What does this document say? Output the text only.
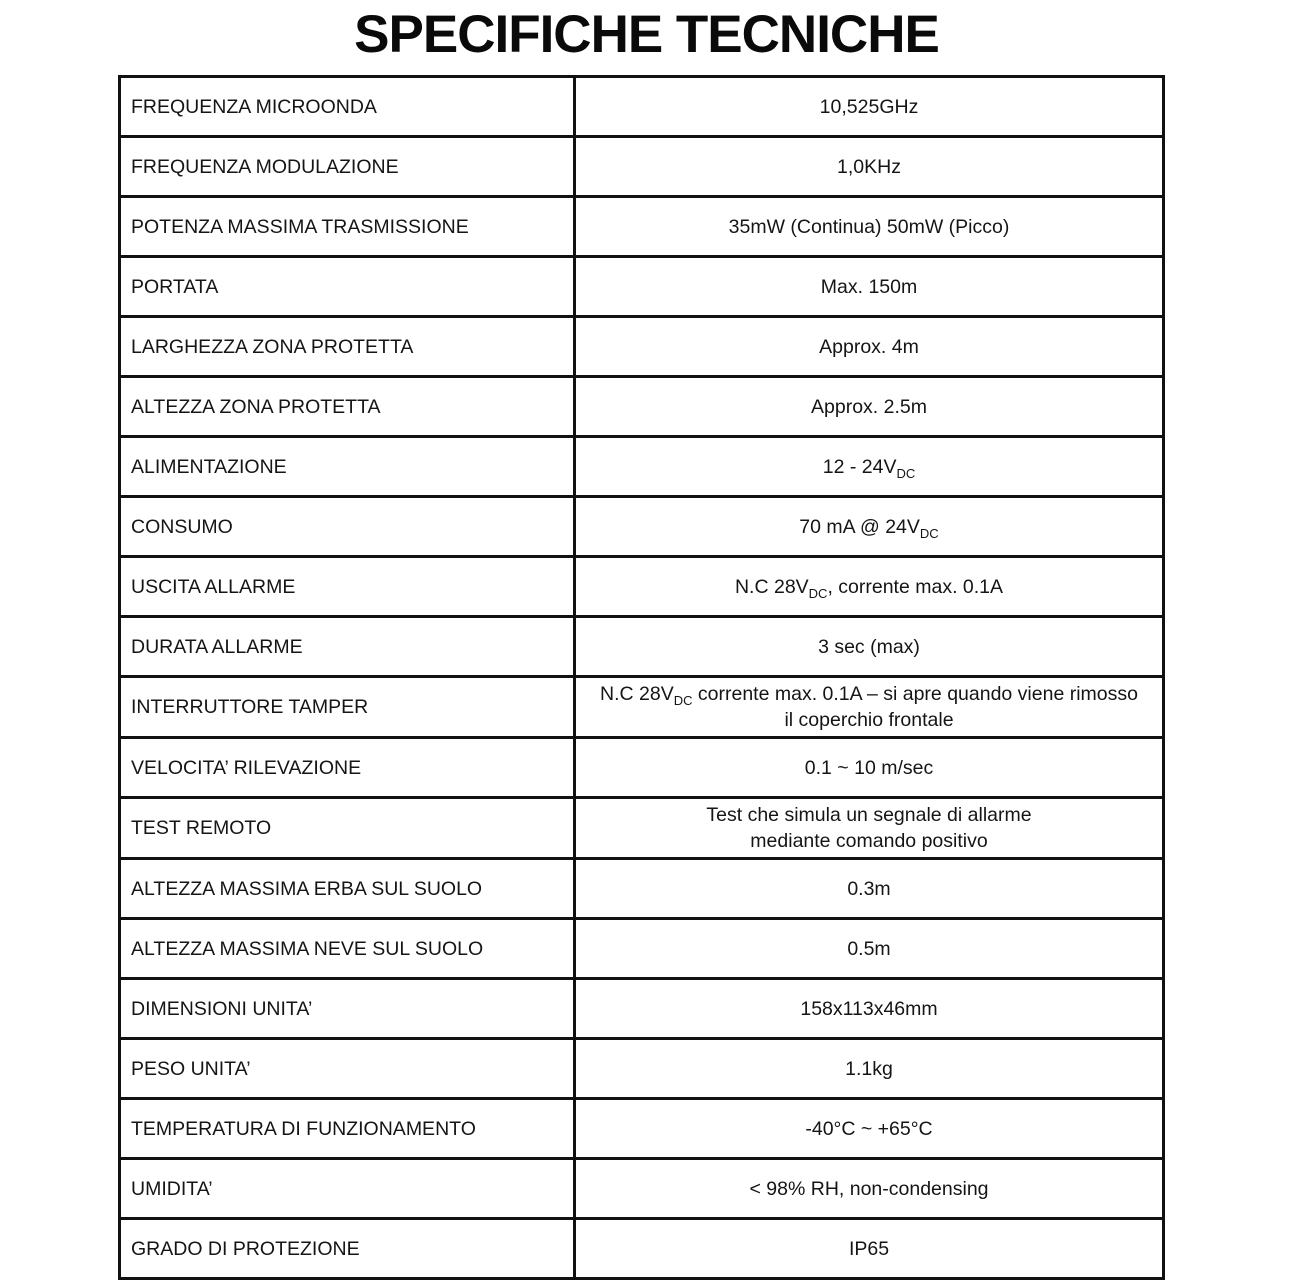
SPECIFICHE TECNICHE
FREQUENZA MICROONDA	10,525GHz
FREQUENZA MODULAZIONE	1,0KHz
POTENZA MASSIMA TRASMISSIONE	35mW (Continua) 50mW (Picco)
PORTATA	Max. 150m
LARGHEZZA ZONA PROTETTA	Approx. 4m
ALTEZZA ZONA PROTETTA	Approx. 2.5m
ALIMENTAZIONE	$12 - 24V_{DC}$
CONSUMO	70 mA @ $24V_{DC}$
USCITA ALLARME	N.C $28V_{DC}$, corrente max. 0.1A
DURATA ALLARME	3 sec (max)
INTERRUTTORE TAMPER	N.C $28V_{DC}$ corrente max. 0.1A – si apre quando viene rimosso
il coperchio frontale
VELOCITA’ RILEVAZIONE	0.1 ~ 10 m/sec
TEST REMOTO	Test che simula un segnale di allarme
mediante comando positivo
ALTEZZA MASSIMA ERBA SUL SUOLO	0.3m
ALTEZZA MASSIMA NEVE SUL SUOLO	0.5m
DIMENSIONI UNITA’	158x113x46mm
PESO UNITA’	1.1kg
TEMPERATURA DI FUNZIONAMENTO	-40°C ~ +65°C
UMIDITA’	< 98% RH, non-condensing
GRADO DI PROTEZIONE	IP65
